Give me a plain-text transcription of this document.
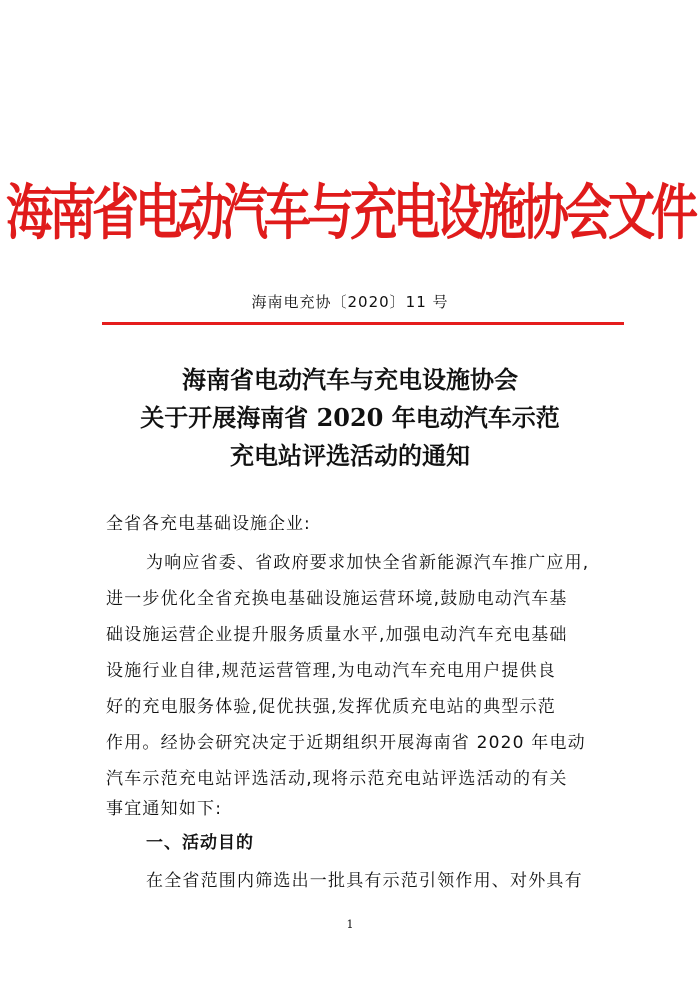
海南省电动汽车与充电设施协会文件
海南电充协〔2020〕11 号
海南省电动汽车与充电设施协会
关于开展海南省 2020 年电动汽车示范
充电站评选活动的通知
全省各充电基础设施企业:
为响应省委、省政府要求加快全省新能源汽车推广应用,
进一步优化全省充换电基础设施运营环境,鼓励电动汽车基
础设施运营企业提升服务质量水平,加强电动汽车充电基础
设施行业自律,规范运营管理,为电动汽车充电用户提供良
好的充电服务体验,促优扶强,发挥优质充电站的典型示范
作用。经协会研究决定于近期组织开展海南省 2020 年电动
汽车示范充电站评选活动,现将示范充电站评选活动的有关
事宜通知如下:
一、活动目的
在全省范围内筛选出一批具有示范引领作用、对外具有
1
